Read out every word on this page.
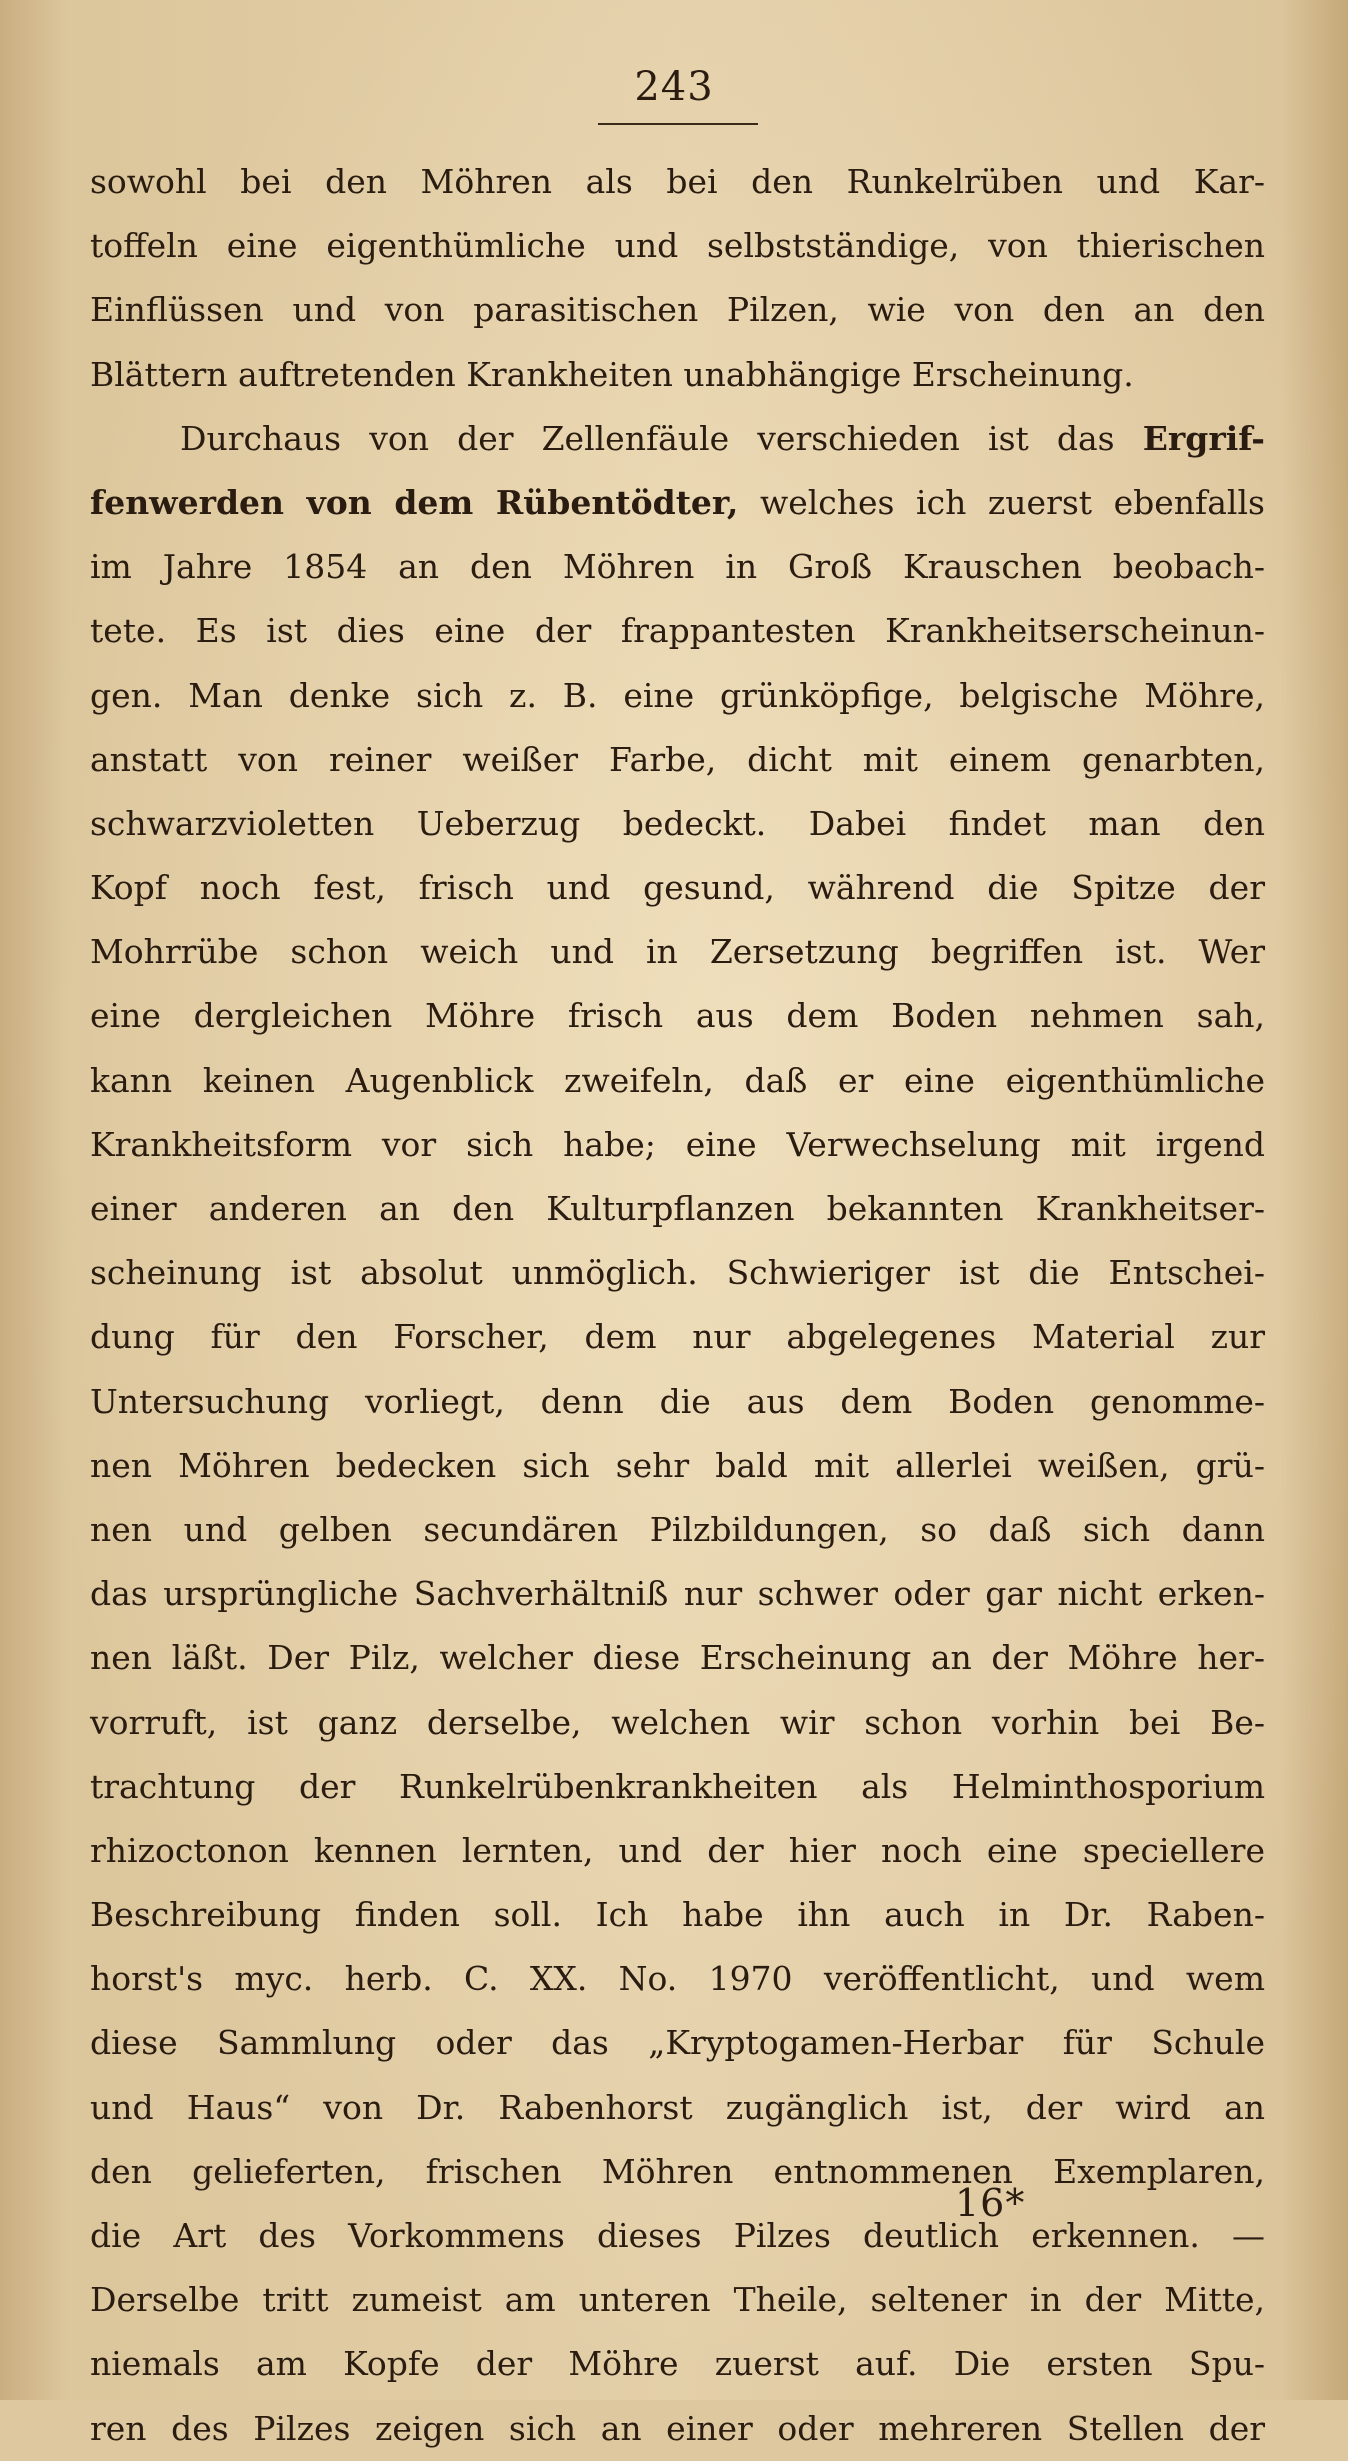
243
sowohl bei den Möhren als bei den Runkelrüben und Kar-
toffeln eine eigenthümliche und selbstständige, von thierischen
Einflüssen und von parasitischen Pilzen, wie von den an den
Blättern auftretenden Krankheiten unabhängige Erscheinung.
Durchaus von der Zellenfäule verschieden ist das Ergrif-
fenwerden von dem Rübentödter, welches ich zuerst ebenfalls
im Jahre 1854 an den Möhren in Groß Krauschen beobach-
tete. Es ist dies eine der frappantesten Krankheitserscheinun-
gen. Man denke sich z. B. eine grünköpfige, belgische Möhre,
anstatt von reiner weißer Farbe, dicht mit einem genarbten,
schwarzvioletten Ueberzug bedeckt. Dabei findet man den
Kopf noch fest, frisch und gesund, während die Spitze der
Mohrrübe schon weich und in Zersetzung begriffen ist. Wer
eine dergleichen Möhre frisch aus dem Boden nehmen sah,
kann keinen Augenblick zweifeln, daß er eine eigenthümliche
Krankheitsform vor sich habe; eine Verwechselung mit irgend
einer anderen an den Kulturpflanzen bekannten Krankheitser-
scheinung ist absolut unmöglich. Schwieriger ist die Entschei-
dung für den Forscher, dem nur abgelegenes Material zur
Untersuchung vorliegt, denn die aus dem Boden genomme-
nen Möhren bedecken sich sehr bald mit allerlei weißen, grü-
nen und gelben secundären Pilzbildungen, so daß sich dann
das ursprüngliche Sachverhältniß nur schwer oder gar nicht erken-
nen läßt. Der Pilz, welcher diese Erscheinung an der Möhre her-
vorruft, ist ganz derselbe, welchen wir schon vorhin bei Be-
trachtung der Runkelrübenkrankheiten als Helminthosporium
rhizoctonon kennen lernten, und der hier noch eine speciellere
Beschreibung finden soll. Ich habe ihn auch in Dr. Raben-
horst's myc. herb. C. XX. No. 1970 veröffentlicht, und wem
diese Sammlung oder das „Kryptogamen-Herbar für Schule
und Haus“ von Dr. Rabenhorst zugänglich ist, der wird an
den gelieferten, frischen Möhren entnommenen Exemplaren,
die Art des Vorkommens dieses Pilzes deutlich erkennen. —
Derselbe tritt zumeist am unteren Theile, seltener in der Mitte,
niemals am Kopfe der Möhre zuerst auf. Die ersten Spu-
ren des Pilzes zeigen sich an einer oder mehreren Stellen der
16*
